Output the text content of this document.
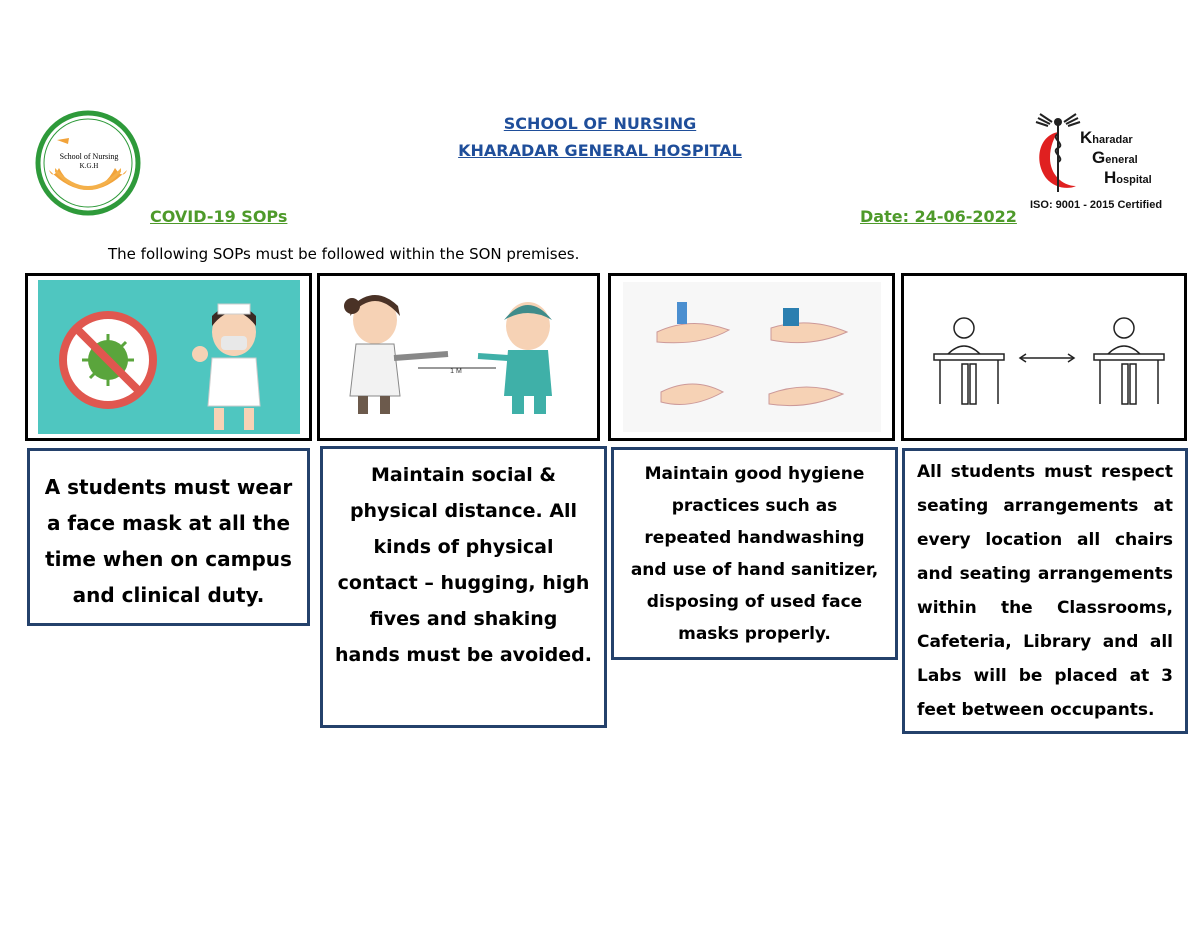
School of Nursing
K.G.H
SCHOOL OF NURSING
KHARADAR GENERAL HOSPITAL
Kharadar
General
Hospital
ISO: 9001 - 2015 Certified
COVID-19 SOPs	Date: 24-06-2022
The following SOPs must be followed within the SON premises.
1 M

A students must wear a face mask at all the time when on campus and clinical duty.

Maintain social & physical distance. All kinds of physical contact – hugging, high fives and shaking hands must be avoided.

Maintain good hygiene practices such as repeated handwashing and use of hand sanitizer, disposing of used face masks properly.

All students must respect seating arrangements at every location all chairs and seating arrangements within the Classrooms, Cafeteria, Library and all Labs will be placed at 3 feet between occupants.
